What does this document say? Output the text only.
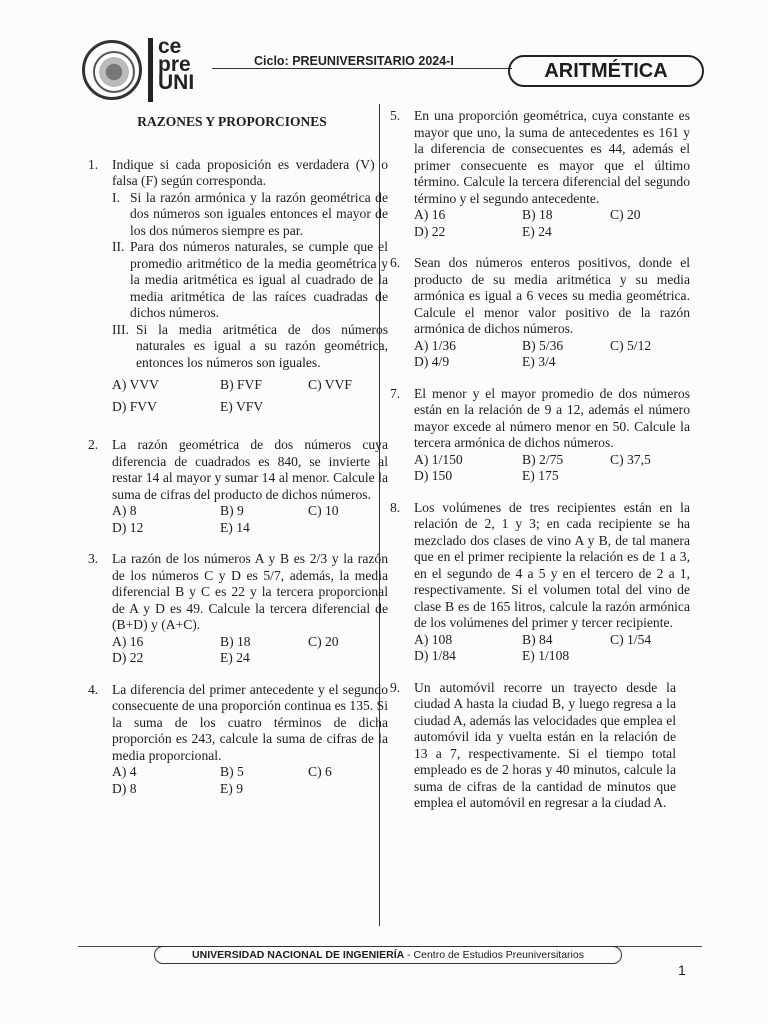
ce
pre
UNI
Ciclo: PREUNIVERSITARIO 2024-I	ARITMÉTICA
RAZONES Y PROPORCIONES
1.	Indique si cada proposición es verdadera (V) o falsa (F) según corresponda.
I. Si la razón armónica y la razón geométrica de dos números son iguales entonces el mayor de los dos números siempre es par.
II. Para dos números naturales, se cumple que el promedio aritmético de la media geométrica y la media aritmética es igual al cuadrado de la media aritmética de las raíces cuadradas de dichos números.
III. Si la media aritmética de dos números naturales es igual a su razón geométrica, entonces los números son iguales.
A) VVV	B) FVF	C) VVF
D) FVV	E) VFV
2.	La razón geométrica de dos números cuya diferencia de cuadrados es 840, se invierte al restar 14 al mayor y sumar 14 al menor. Calcule la suma de cifras del producto de dichos números.
A) 8	B) 9	C) 10
D) 12	E) 14
3.	La razón de los números A y B es 2/3 y la razón de los números C y D es 5/7, además, la media diferencial B y C es 22 y la tercera proporcional de A y D es 49. Calcule la tercera diferencial de (B+D) y (A+C).
A) 16	B) 18	C) 20
D) 22	E) 24
4.	La diferencia del primer antecedente y el segundo consecuente de una proporción continua es 135. Si la suma de los cuatro términos de dicha proporción es 243, calcule la suma de cifras de la media proporcional.
A) 4	B) 5	C) 6
D) 8	E) 9
5.	En una proporción geométrica, cuya constante es mayor que uno, la suma de antecedentes es 161 y la diferencia de consecuentes es 44, además el primer consecuente es mayor que el último término. Calcule la tercera diferencial del segundo término y el segundo antecedente.
A) 16	B) 18	C) 20
D) 22	E) 24
6.	Sean dos números enteros positivos, donde el producto de su media aritmética y su media armónica es igual a 6 veces su media geométrica. Calcule el menor valor positivo de la razón armónica de dichos números.
A) 1/36	B) 5/36	C) 5/12
D) 4/9	E) 3/4
7.	El menor y el mayor promedio de dos números están en la relación de 9 a 12, además el número mayor excede al número menor en 50. Calcule la tercera armónica de dichos números.
A) 1/150	B) 2/75	C) 37,5
D) 150	E) 175
8.	Los volúmenes de tres recipientes están en la relación de 2, 1 y 3; en cada recipiente se ha mezclado dos clases de vino A y B, de tal manera que en el primer recipiente la relación es de 1 a 3, en el segundo de 4 a 5 y en el tercero de 2 a 1, respectivamente. Si el volumen total del vino de clase B es de 165 litros, calcule la razón armónica de los volúmenes del primer y tercer recipiente.
A) 108	B) 84	C) 1/54
D) 1/84	E) 1/108
9.	Un automóvil recorre un trayecto desde la ciudad A hasta la ciudad B, y luego regresa a la ciudad A, además las velocidades que emplea el automóvil ida y vuelta están en la relación de 13 a 7, respectivamente. Si el tiempo total empleado es de 2 horas y 40 minutos, calcule la suma de cifras de la cantidad de minutos que emplea el automóvil en regresar a la ciudad A.
UNIVERSIDAD NACIONAL DE INGENIERÍA - Centro de Estudios Preuniversitarios
1
